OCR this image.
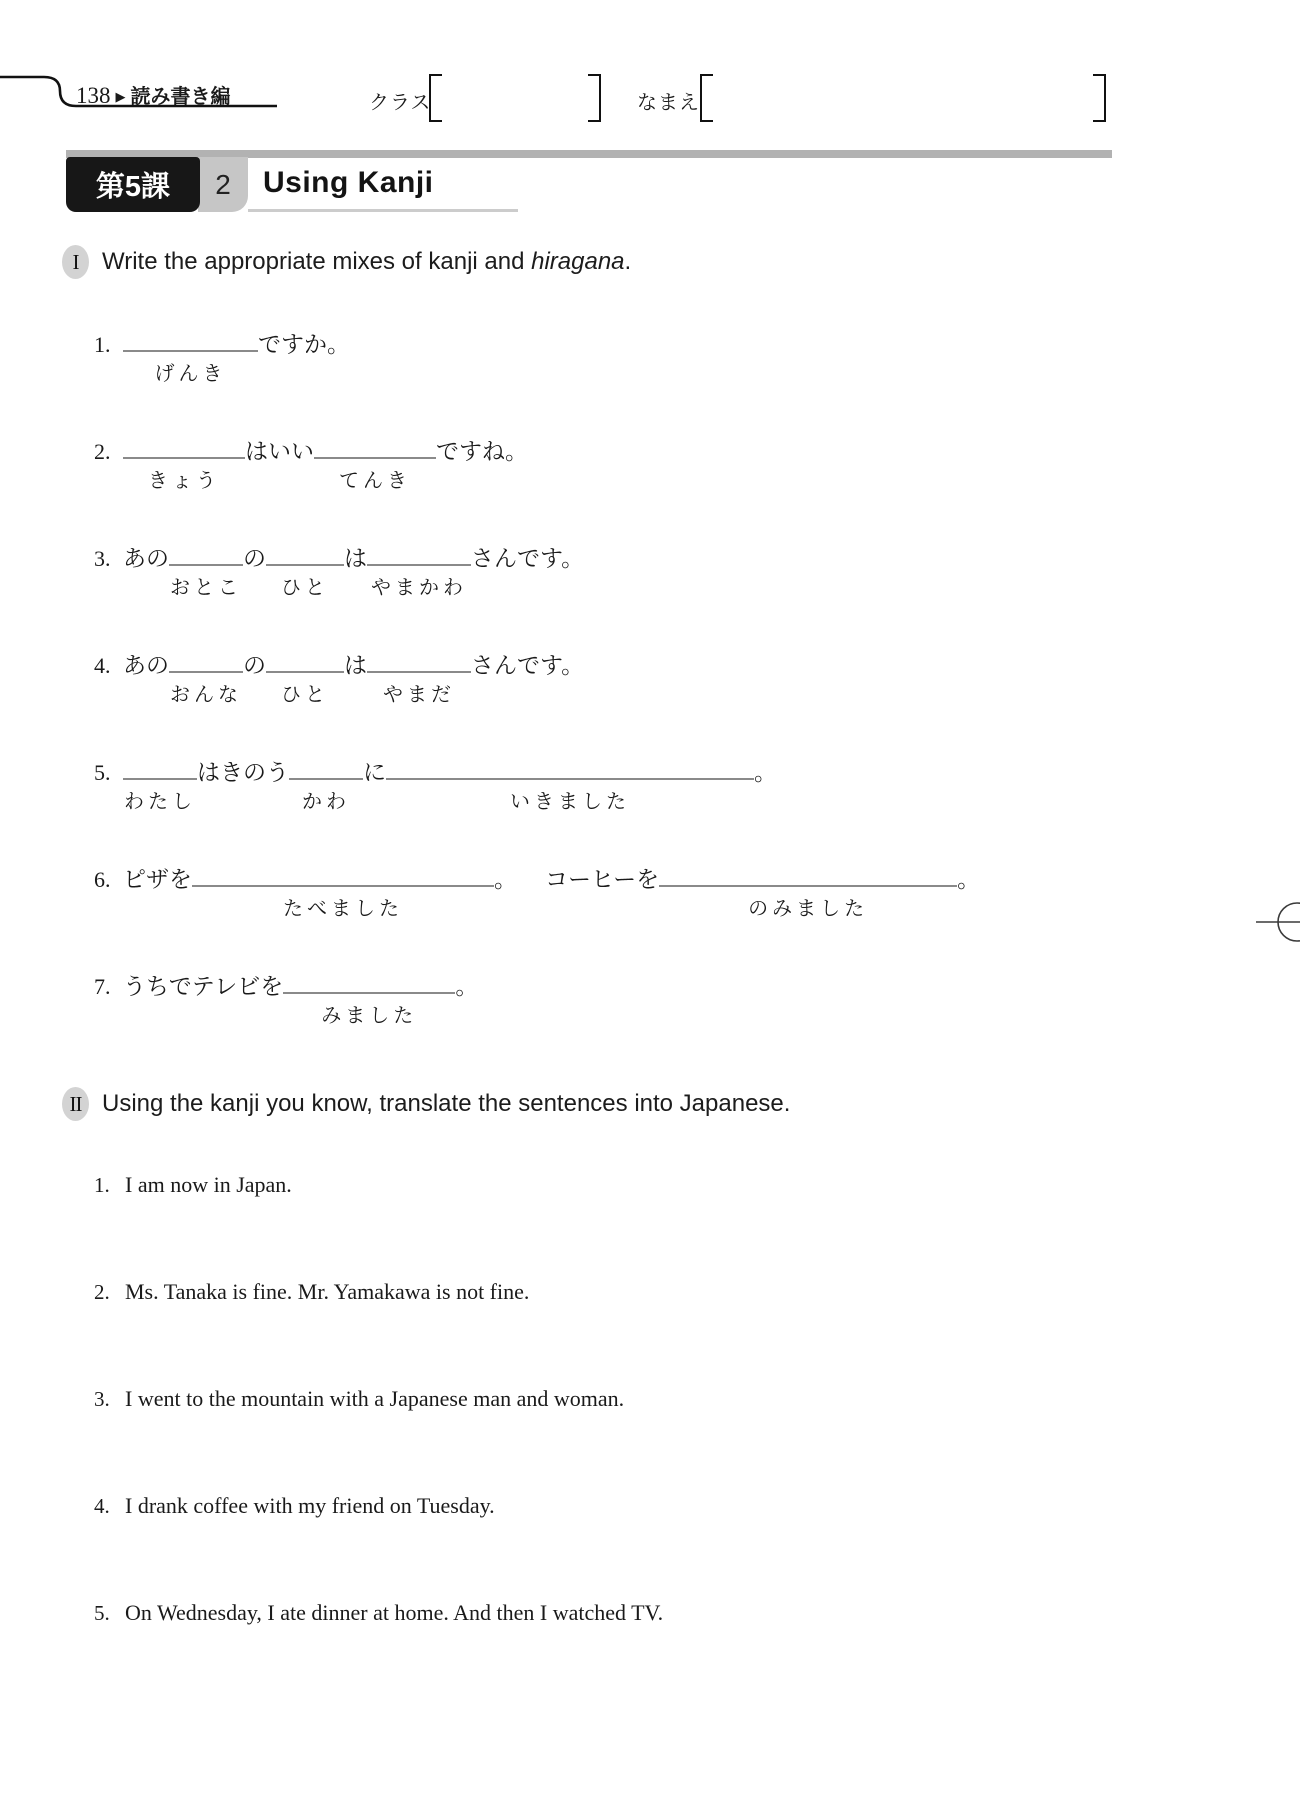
138 ▶ 読み書き編	クラス	なまえ
2
第5課	Using Kanji
I Write the appropriate mixes of kanji and hiragana.
1.
げんき
ですか。
2.
きょう
はいい
てんき
ですね。
3. あの
おとこ
の
ひと
は
やまかわ
さんです。
4. あの
おんな
の
ひと
は
やまだ
さんです。
5.
わたし
はきのう
かわ
に
いきました
。
6. ピザを
たべました
。 コーヒーを
のみました
。
7. うちでテレビを
みました
。
II Using the kanji you know, translate the sentences into Japanese.
1. I am now in Japan.
2. Ms. Tanaka is fine. Mr. Yamakawa is not fine.
3. I went to the mountain with a Japanese man and woman.
4. I drank coffee with my friend on Tuesday.
5. On Wednesday, I ate dinner at home. And then I watched TV.
